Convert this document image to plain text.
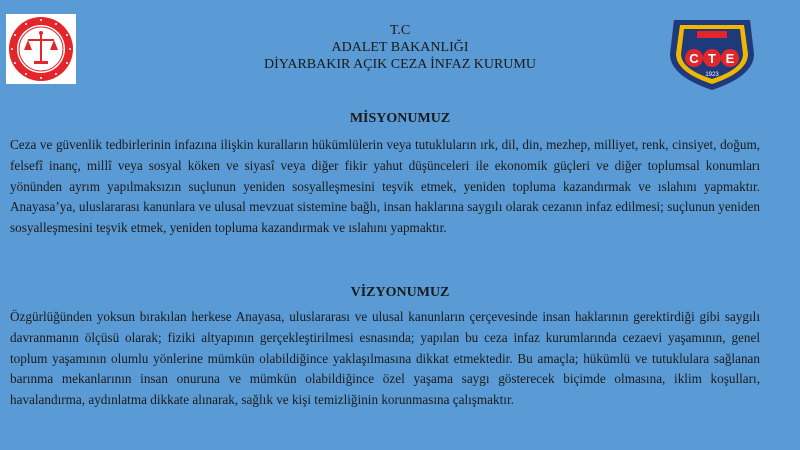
C T E
1923
T.C
ADALET BAKANLIĞI
DİYARBAKIR AÇIK CEZA İNFAZ KURUMU
MİSYONUMUZ
Ceza ve güvenlik tedbirlerinin infazına ilişkin kuralların hükümlülerin veya tutukluların ırk, dil, din, mezhep, milliyet, renk, cinsiyet, doğum, felsefî inanç, millî veya sosyal köken ve siyasî veya diğer fikir yahut düşünceleri ile ekonomik güçleri ve diğer toplumsal konumları yönünden ayrım yapılmaksızın suçlunun yeniden sosyalleşmesini teşvik etmek, yeniden topluma kazandırmak ve ıslahını yapmaktır. Anayasa’ya, uluslararası kanunlara ve ulusal mevzuat sistemine bağlı, insan haklarına saygılı olarak cezanın infaz edilmesi; suçlunun yeniden sosyalleşmesini teşvik etmek, yeniden topluma kazandırmak ve ıslahını yapmaktır.
VİZYONUMUZ
Özgürlüğünden yoksun bırakılan herkese Anayasa, uluslararası ve ulusal kanunların çerçevesinde insan haklarının gerektirdiği gibi saygılı davranmanın ölçüsü olarak; fiziki altyapının gerçekleştirilmesi esnasında; yapılan bu ceza infaz kurumlarında cezaevi yaşamının, genel toplum yaşamının olumlu yönlerine mümkün olabildiğince yaklaşılmasına dikkat etmektedir. Bu amaçla; hükümlü ve tutuklulara sağlanan barınma mekanlarının insan onuruna ve mümkün olabildiğince özel yaşama saygı gösterecek biçimde olmasına, iklim koşulları, havalandırma, aydınlatma dikkate alınarak, sağlık ve kişi temizliğinin korunmasına çalışmaktır.
